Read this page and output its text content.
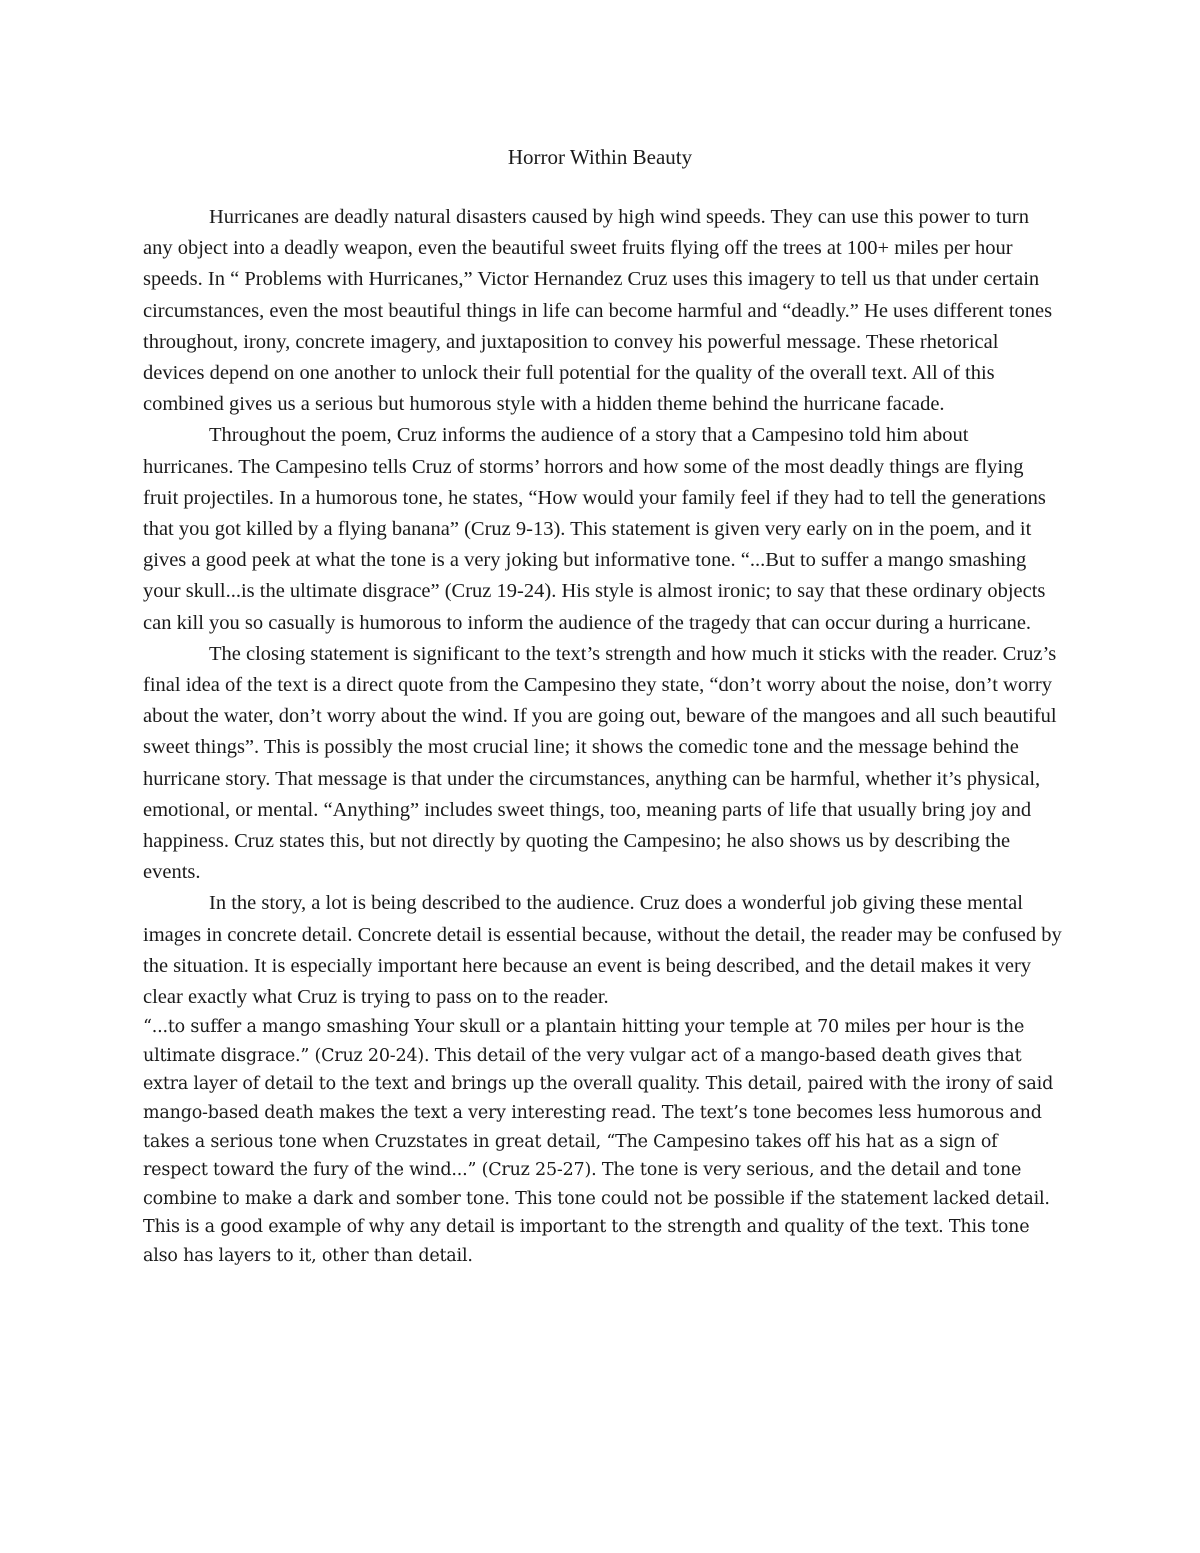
Horror Within Beauty

Hurricanes are deadly natural disasters caused by high wind speeds. They can use this power to turn any object into a deadly weapon, even the beautiful sweet fruits flying off the trees at 100+ miles per hour speeds. In “ Problems with Hurricanes,” Victor Hernandez Cruz uses this imagery to tell us that under certain circumstances, even the most beautiful things in life can become harmful and “deadly.” He uses different tones throughout, irony, concrete imagery, and juxtaposition to convey his powerful message. These rhetorical devices depend on one another to unlock their full potential for the quality of the overall text. All of this combined gives us a serious but humorous style with a hidden theme behind the hurricane facade.

Throughout the poem, Cruz informs the audience of a story that a Campesino told him about hurricanes. The Campesino tells Cruz of storms’ horrors and how some of the most deadly things are flying fruit projectiles. In a humorous tone, he states, “How would your family feel if they had to tell the generations that you got killed by a flying banana” (Cruz 9-13). This statement is given very early on in the poem, and it gives a good peek at what the tone is a very joking but informative tone. “...But to suffer a mango smashing your skull...is the ultimate disgrace” (Cruz 19-24). His style is almost ironic; to say that these ordinary objects can kill you so casually is humorous to inform the audience of the tragedy that can occur during a hurricane.

The closing statement is significant to the text’s strength and how much it sticks with the reader. Cruz’s final idea of the text is a direct quote from the Campesino they state, “don’t worry about the noise, don’t worry about the water, don’t worry about the wind. If you are going out, beware of the mangoes and all such beautiful sweet things”. This is possibly the most crucial line; it shows the comedic tone and the message behind the hurricane story. That message is that under the circumstances, anything can be harmful, whether it’s physical, emotional, or mental. “Anything” includes sweet things, too, meaning parts of life that usually bring joy and happiness. Cruz states this, but not directly by quoting the Campesino; he also shows us by describing the events.

In the story, a lot is being described to the audience. Cruz does a wonderful job giving these mental images in concrete detail. Concrete detail is essential because, without the detail, the reader may be confused by the situation. It is especially important here because an event is being described, and the detail makes it very clear exactly what Cruz is trying to pass on to the reader.

“...to suffer a mango smashing Your skull or a plantain hitting your temple at 70 miles per hour is the ultimate disgrace.” (Cruz 20-24). This detail of the very vulgar act of a mango-based death gives that extra layer of detail to the text and brings up the overall quality. This detail, paired with the irony of said mango-based death makes the text a very interesting read. The text’s tone becomes less humorous and takes a serious tone when Cruzstates in great detail, “The Campesino takes off his hat as a sign of respect toward the fury of the wind...” (Cruz 25-27). The tone is very serious, and the detail and tone combine to make a dark and somber tone. This tone could not be possible if the statement lacked detail. This is a good example of why any detail is important to the strength and quality of the text. This tone also has layers to it, other than detail.
